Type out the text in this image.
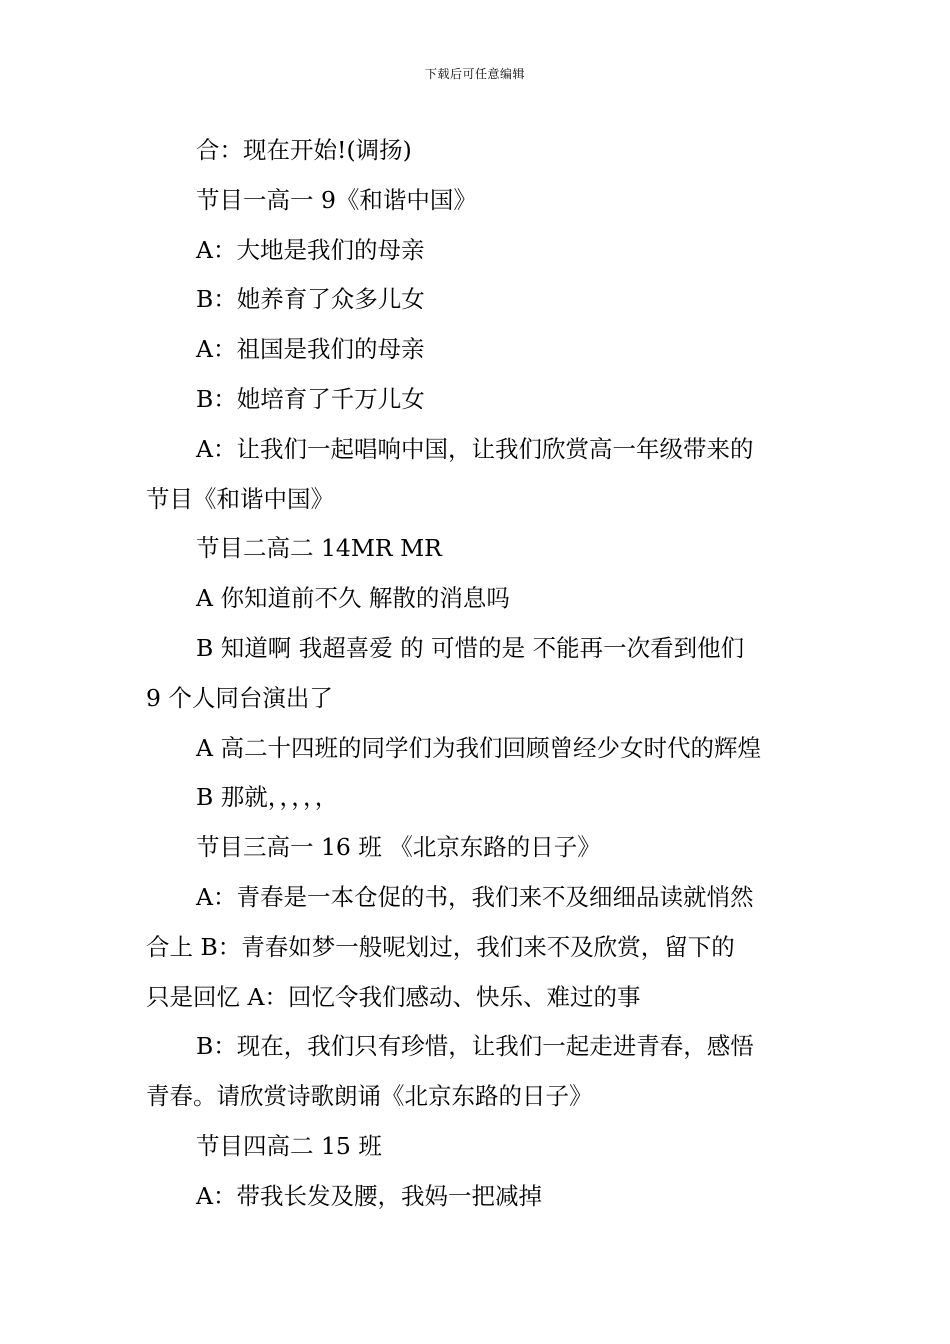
下载后可任意编辑
合：现在开始!(调扬)
节目一高一 9《和谐中国》
A：大地是我们的母亲
B：她养育了众多儿女
A：祖国是我们的母亲
B：她培育了千万儿女
A：让我们一起唱响中国，让我们欣赏高一年级带来的
节目《和谐中国》
节目二高二 14MR MR
A 你知道前不久 解散的消息吗
B 知道啊 我超喜爱 的 可惜的是 不能再一次看到他们
9 个人同台演出了
A 高二十四班的同学们为我们回顾曾经少女时代的辉煌
B 那就，，，，，
节目三高一 16 班 《北京东路的日子》
A：青春是一本仓促的书，我们来不及细细品读就悄然
合上 B：青春如梦一般呢划过，我们来不及欣赏，留下的
只是回忆 A：回忆令我们感动、快乐、难过的事
B：现在，我们只有珍惜，让我们一起走进青春，感悟
青春。请欣赏诗歌朗诵《北京东路的日子》
节目四高二 15 班
A：带我长发及腰，我妈一把减掉
